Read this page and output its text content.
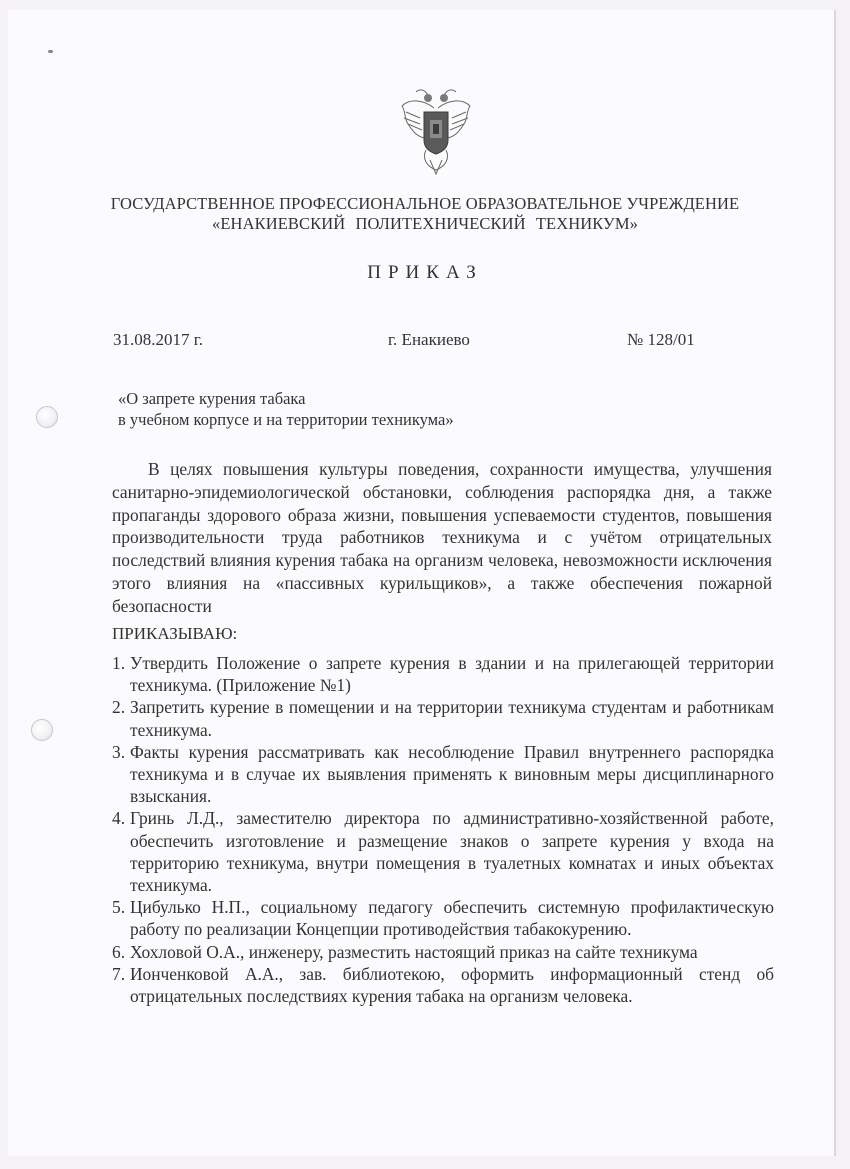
ГОСУДАРСТВЕННОЕ ПРОФЕССИОНАЛЬНОЕ ОБРАЗОВАТЕЛЬНОЕ УЧРЕЖДЕНИЕ
«ЕНАКИЕВСКИЙ ПОЛИТЕХНИЧЕСКИЙ ТЕХНИКУМ»
ПРИКАЗ
31.08.2017 г.	г. Енакиево	№ 128/01
«О запрете курения табака
в учебном корпусе и на территории техникума»
В целях повышения культуры поведения, сохранности имущества, улучшения санитарно-эпидемиологической обстановки, соблюдения распорядка дня, а также пропаганды здорового образа жизни, повышения успеваемости студентов, повышения производительности труда работников техникума и с учётом отрицательных последствий влияния курения табака на организм человека, невозможности исключения этого влияния на «пассивных курильщиков», а также обеспечения пожарной безопасности
ПРИКАЗЫВАЮ:
1. Утвердить Положение о запрете курения в здании и на прилегающей территории техникума. (Приложение №1)
2. Запретить курение в помещении и на территории техникума студентам и работникам техникума.
3. Факты курения рассматривать как несоблюдение Правил внутреннего распорядка техникума и в случае их выявления применять к виновным меры дисциплинарного взыскания.
4. Гринь Л.Д., заместителю директора по административно-хозяйственной работе, обеспечить изготовление и размещение знаков о запрете курения у входа на территорию техникума, внутри помещения в туалетных комнатах и иных объектах техникума.
5. Цибулько Н.П., социальному педагогу обеспечить системную профилактическую работу по реализации Концепции противодействия табакокурению.
6. Хохловой О.А., инженеру, разместить настоящий приказ на сайте техникума
7. Ионченковой А.А., зав. библиотекою, оформить информационный стенд об отрицательных последствиях курения табака на организм человека.
